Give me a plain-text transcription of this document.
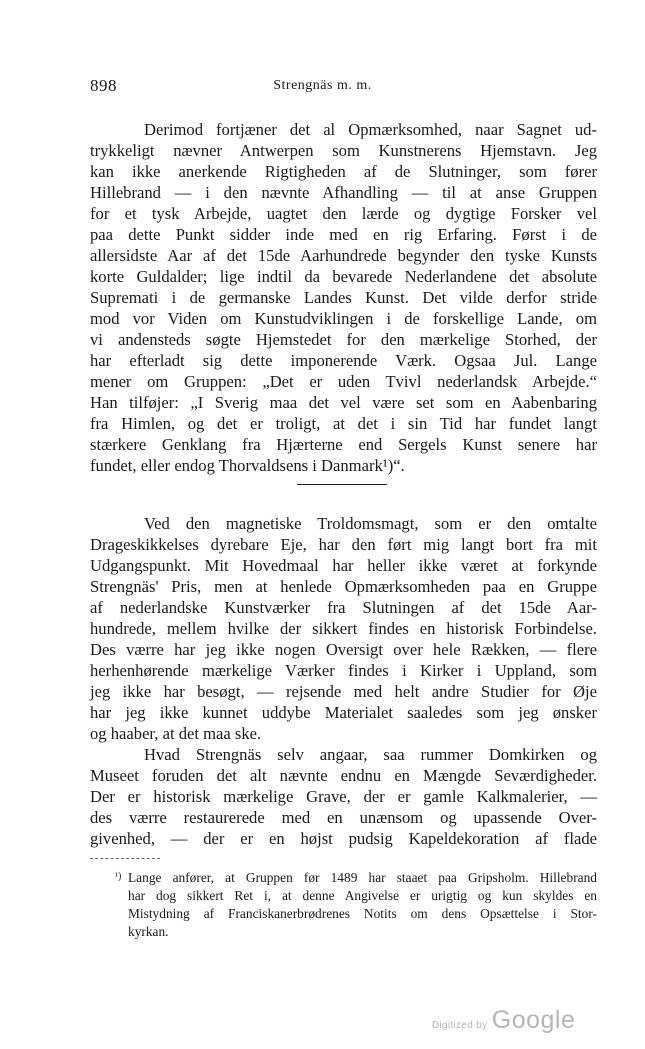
898	Strengnäs m. m.
Derimod fortjæner det al Opmærksomhed, naar Sagnet ud-
trykkeligt nævner Antwerpen som Kunstnerens Hjemstavn. Jeg
kan ikke anerkende Rigtigheden af de Slutninger, som fører
Hillebrand — i den nævnte Afhandling — til at anse Gruppen
for et tysk Arbejde, uagtet den lærde og dygtige Forsker vel
paa dette Punkt sidder inde med en rig Erfaring. Først i de
allersidste Aar af det 15de Aarhundrede begynder den tyske Kunsts
korte Guldalder; lige indtil da bevarede Nederlandene det absolute
Supremati i de germanske Landes Kunst. Det vilde derfor stride
mod vor Viden om Kunstudviklingen i de forskellige Lande, om
vi andensteds søgte Hjemstedet for den mærkelige Storhed, der
har efterladt sig dette imponerende Værk. Ogsaa Jul. Lange
mener om Gruppen: „Det er uden Tvivl nederlandsk Arbejde.“
Han tilføjer: „I Sverig maa det vel være set som en Aabenbaring
fra Himlen, og det er troligt, at det i sin Tid har fundet langt
stærkere Genklang fra Hjærterne end Sergels Kunst senere har
fundet, eller endog Thorvaldsens i Danmark¹)“.
Ved den magnetiske Troldomsmagt, som er den omtalte
Drageskikkelses dyrebare Eje, har den ført mig langt bort fra mit
Udgangspunkt. Mit Hovedmaal har heller ikke været at forkynde
Strengnäs' Pris, men at henlede Opmærksomheden paa en Gruppe
af nederlandske Kunstværker fra Slutningen af det 15de Aar-
hundrede, mellem hvilke der sikkert findes en historisk Forbindelse.
Des værre har jeg ikke nogen Oversigt over hele Rækken, — flere
herhenhørende mærkelige Værker findes i Kirker i Uppland, som
jeg ikke har besøgt, — rejsende med helt andre Studier for Øje
har jeg ikke kunnet uddybe Materialet saaledes som jeg ønsker
og haaber, at det maa ske.
Hvad Strengnäs selv angaar, saa rummer Domkirken og
Museet foruden det alt nævnte endnu en Mængde Seværdigheder.
Der er historisk mærkelige Grave, der er gamle Kalkmalerier, —
des værre restaurerede med en unænsom og upassende Over-
givenhed, — der er en højst pudsig Kapeldekoration af flade
¹) Lange anfører, at Gruppen før 1489 har staaet paa Gripsholm. Hillebrand
har dog sikkert Ret i, at denne Angivelse er urigtig og kun skyldes en
Mistydning af Franciskanerbrødrenes Notits om dens Opsættelse i Stor-
kyrkan.
Digitized by Google
